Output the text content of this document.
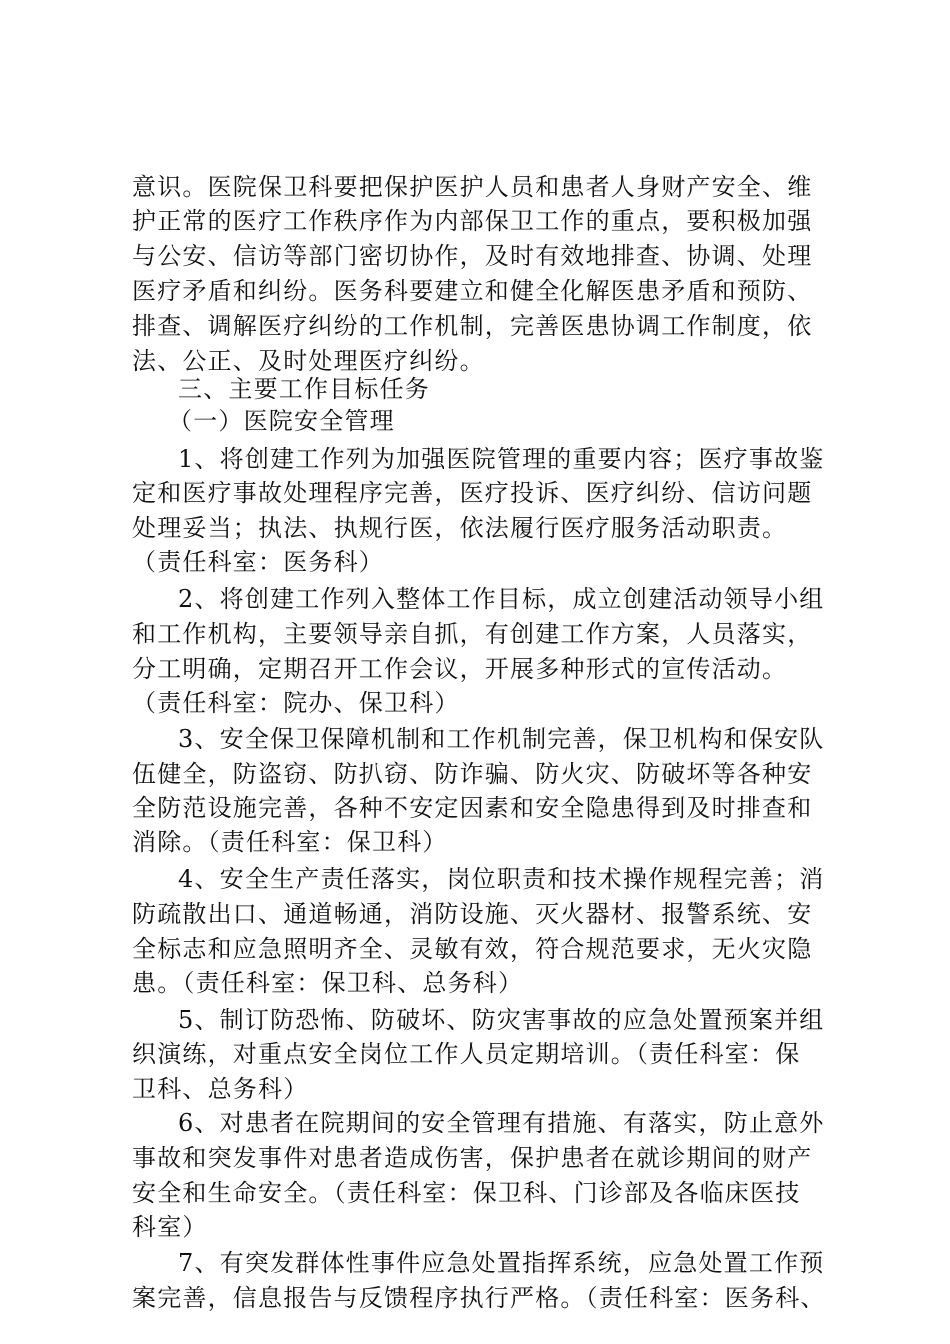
意识。医院保卫科要把保护医护人员和患者人身财产安全、维
护正常的医疗工作秩序作为内部保卫工作的重点，要积极加强
与公安、信访等部门密切协作，及时有效地排查、协调、处理
医疗矛盾和纠纷。医务科要建立和健全化解医患矛盾和预防、
排查、调解医疗纠纷的工作机制，完善医患协调工作制度，依
法、公正、及时处理医疗纠纷。
三、主要工作目标任务
（一）医院安全管理
1、将创建工作列为加强医院管理的重要内容；医疗事故鉴
定和医疗事故处理程序完善，医疗投诉、医疗纠纷、信访问题
处理妥当；执法、执规行医，依法履行医疗服务活动职责。
（责任科室：医务科）
2、将创建工作列入整体工作目标，成立创建活动领导小组
和工作机构，主要领导亲自抓，有创建工作方案，人员落实，
分工明确，定期召开工作会议，开展多种形式的宣传活动。
（责任科室：院办、保卫科）
3、安全保卫保障机制和工作机制完善，保卫机构和保安队
伍健全，防盗窃、防扒窃、防诈骗、防火灾、防破坏等各种安
全防范设施完善，各种不安定因素和安全隐患得到及时排查和
消除。（责任科室：保卫科）
4、安全生产责任落实，岗位职责和技术操作规程完善；消
防疏散出口、通道畅通，消防设施、灭火器材、报警系统、安
全标志和应急照明齐全、灵敏有效，符合规范要求，无火灾隐
患。（责任科室：保卫科、总务科）
5、制订防恐怖、防破坏、防灾害事故的应急处置预案并组
织演练，对重点安全岗位工作人员定期培训。（责任科室：保
卫科、总务科）
6、对患者在院期间的安全管理有措施、有落实，防止意外
事故和突发事件对患者造成伤害，保护患者在就诊期间的财产
安全和生命安全。（责任科室：保卫科、门诊部及各临床医技
科室）
7、有突发群体性事件应急处置指挥系统，应急处置工作预
案完善，信息报告与反馈程序执行严格。（责任科室：医务科、
